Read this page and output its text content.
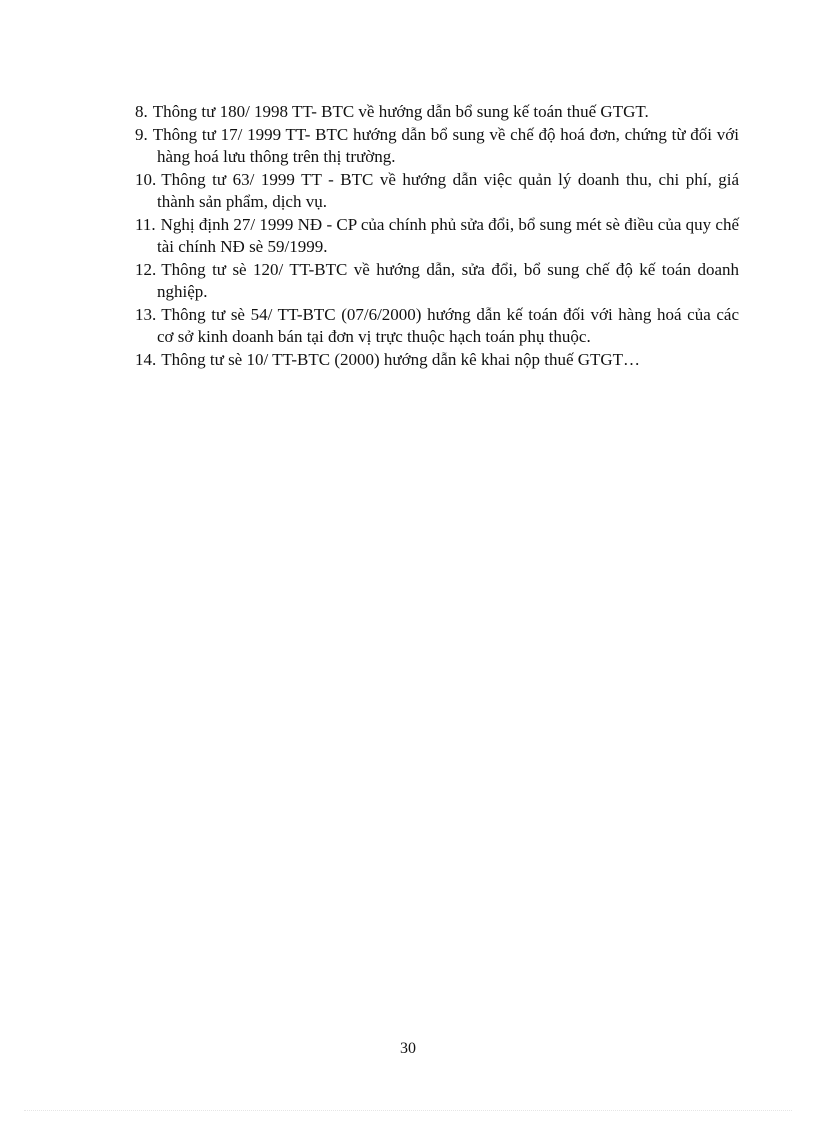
8. Thông tư 180/ 1998 TT- BTC về hướng dẫn bổ sung kế toán thuế GTGT.
9. Thông tư 17/ 1999 TT- BTC hướng dẫn bổ sung về chế độ hoá đơn, chứng từ đối với hàng hoá lưu thông trên thị trường.
10. Thông tư 63/ 1999 TT - BTC về hướng dẫn việc quản lý doanh thu, chi phí, giá thành sản phẩm, dịch vụ.
11. Nghị định 27/ 1999 NĐ - CP của chính phủ sửa đổi, bổ sung mét sè điều của quy chế tài chính NĐ sè 59/1999.
12. Thông tư sè 120/ TT-BTC về hướng dẫn, sửa đổi, bổ sung chế độ kế toán doanh nghiệp.
13. Thông tư sè 54/ TT-BTC (07/6/2000) hướng dẫn kế toán đối với hàng hoá của các cơ sở kinh doanh bán tại đơn vị trực thuộc hạch toán phụ thuộc.
14. Thông tư sè 10/ TT-BTC (2000) hướng dẫn kê khai nộp thuế GTGT…
30
